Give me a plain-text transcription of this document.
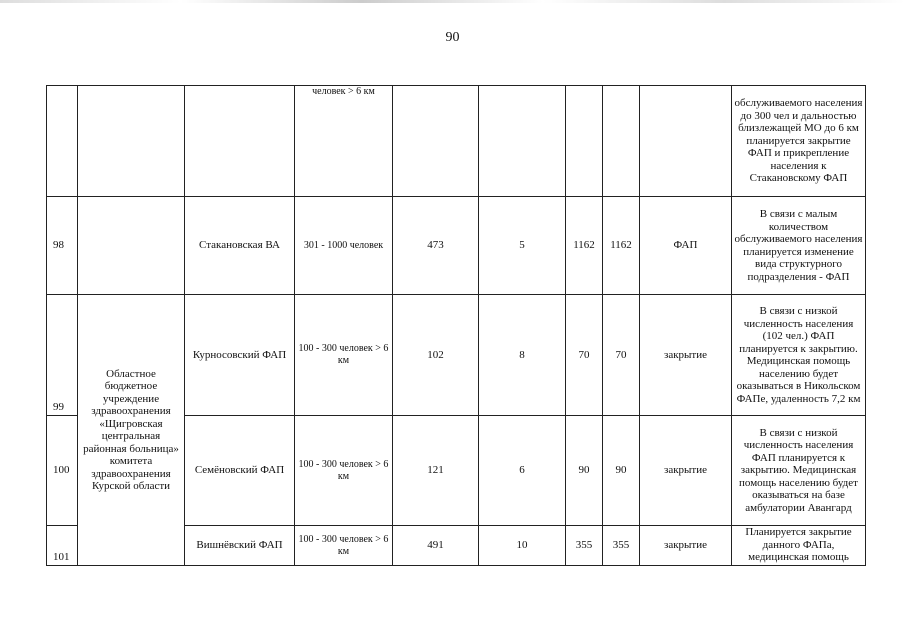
90
			человек > 6 км						обслуживаемого населения до 300 чел и дальностью близлежащей МО до 6 км планируется закрытие ФАП и прикрепление населения к Стакановскому ФАП
98		Стакановская ВА	301 - 1000 человек	473	5	1162	1162	ФАП	В связи с малым количеством обслуживаемого населения планируется изменение вида структурного подразделения - ФАП
99	Областное бюджетное учреждение здравоохранения «Щигровская центральная районная больница» комитета здравоохранения Курской области	Курносовский ФАП	100 - 300 человек > 6 км	102	8	70	70	закрытие	В связи с низкой численность населения (102 чел.) ФАП планируется к закрытию. Медицинская помощь населению будет оказываться в Никольском ФАПе, удаленность 7,2 км
100		Семёновский ФАП	100 - 300 человек > 6 км	121	6	90	90	закрытие	В связи с низкой численность населения ФАП планируется к закрытию. Медицинская помощь населению будет оказываться на базе амбулатории Авангард
101		Вишнёвский ФАП	100 - 300 человек > 6 км	491	10	355	355	закрытие	Планируется закрытие данного ФАПа, медицинская помощь
